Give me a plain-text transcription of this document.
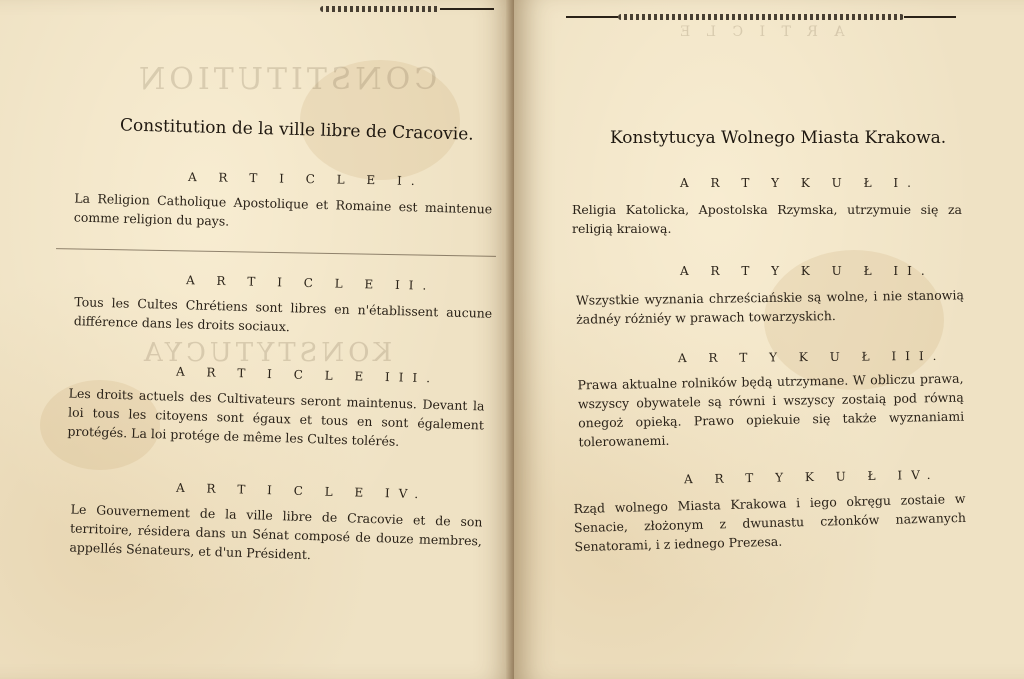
CONSTITUTION
KONSTYTUCYA
Constitution de la ville libre de Cracovie.
A R T I C L E I.
La Religion Catholique Apostolique et Romaine est maintenue comme religion du pays.
A R T I C L E II.
Tous les Cultes Chrétiens sont libres en n'établissent aucune différence dans les droits sociaux.
A R T I C L E III.
Les droits actuels des Cultivateurs seront maintenus. Devant la loi tous les citoyens sont égaux et tous en sont également protégés. La loi protége de même les Cultes tolérés.
A R T I C L E IV.
Le Gouvernement de la ville libre de Cracovie et de son territoire, résidera dans un Sénat composé de douze membres, appellés Sénateurs, et d'un Président.
A R T I C L E
Konstytucya Wolnego Miasta Krakowa.
A R T Y K U Ł I.
Religia Katolicka, Apostolska Rzymska, utrzymuie się za religią kraiową.
A R T Y K U Ł II.
Wszystkie wyznania chrześciańskie są wolne, i nie stanowią żadnéy różniéy w prawach towarzyskich.
A R T Y K U Ł III.
Prawa aktualne rolników będą utrzymane. W obliczu prawa, wszyscy obywatele są równi i wszyscy zostaią pod równą onegoż opieką. Prawo opiekuie się także wyznaniami tolerowanemi.
A R T Y K U Ł IV.
Rząd wolnego Miasta Krakowa i iego okręgu zostaie w Senacie, złożonym z dwunastu członków nazwanych Senatorami, i z iednego Prezesa.
